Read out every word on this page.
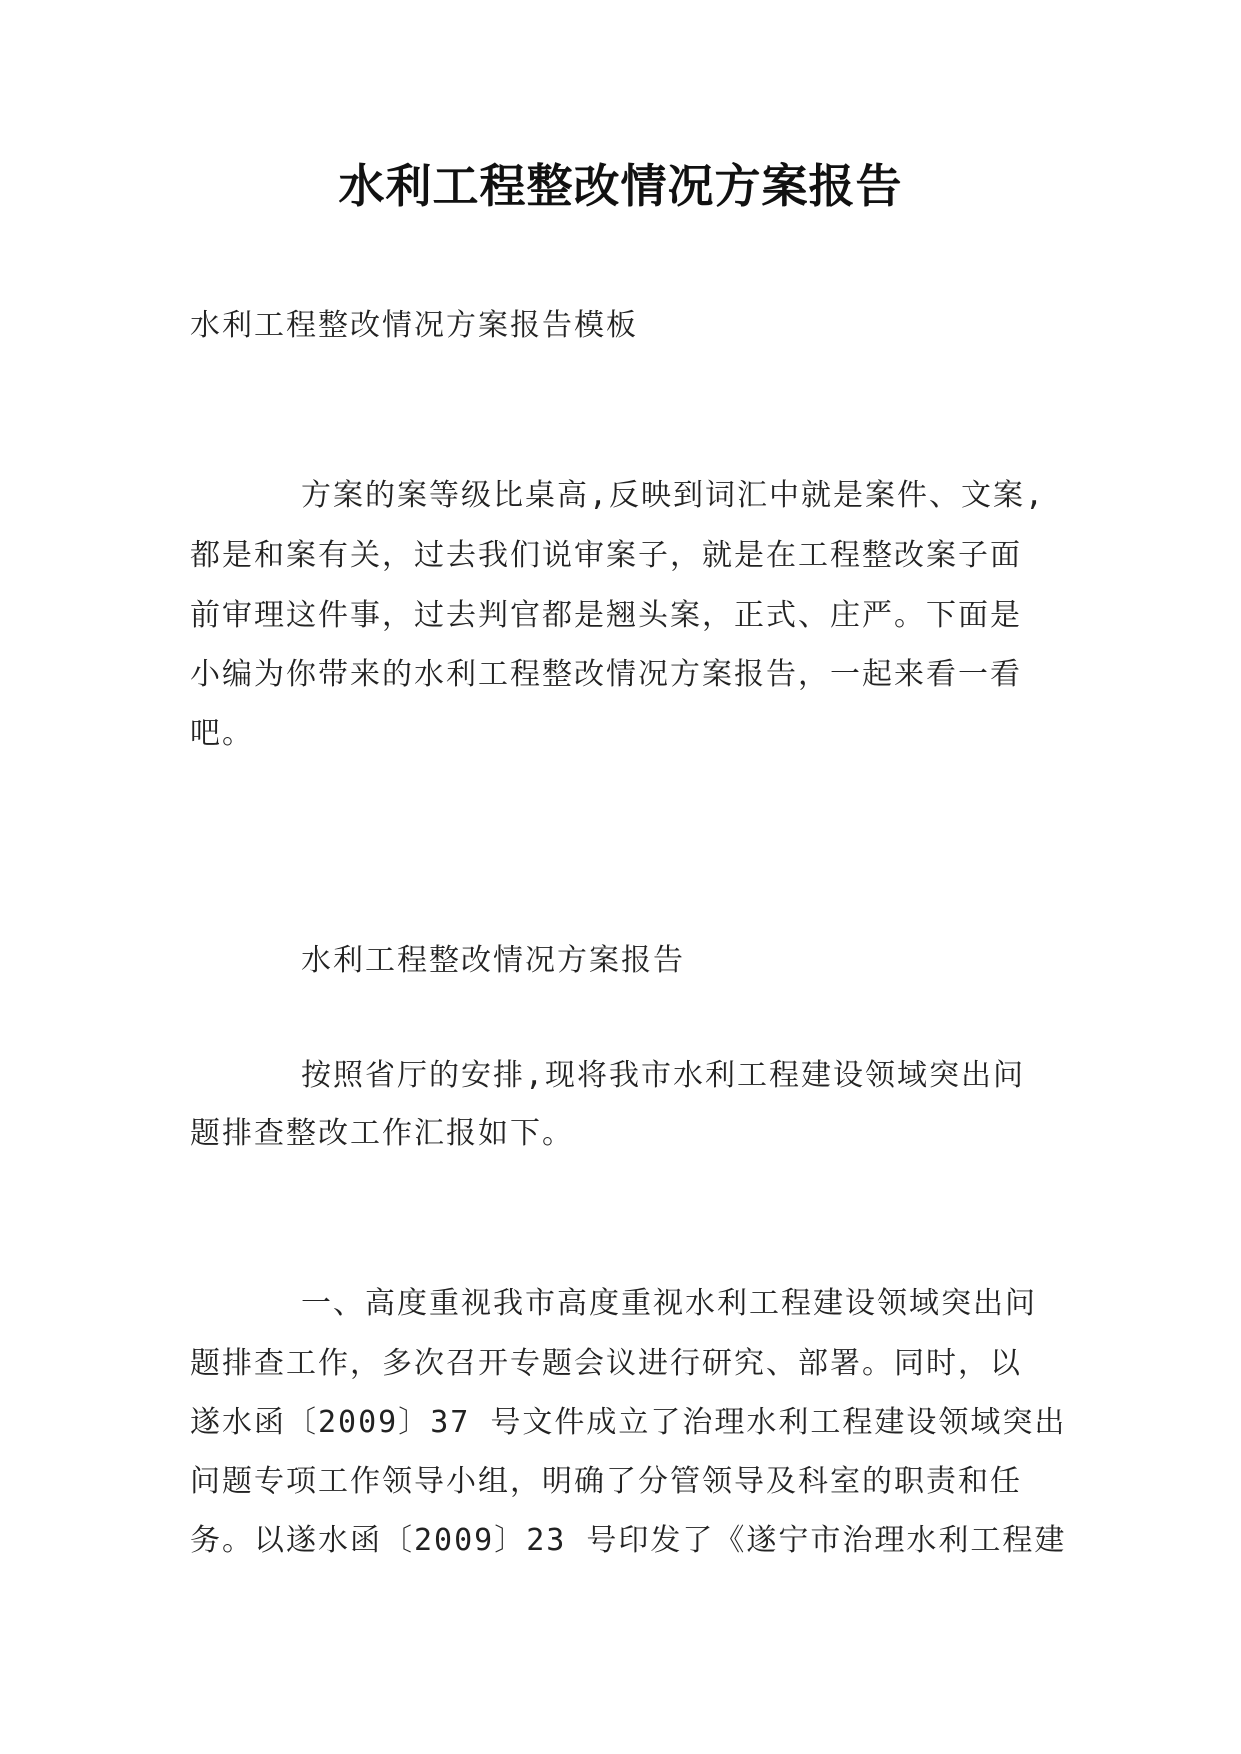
水利工程整改情况方案报告
水利工程整改情况方案报告模板
方案的案等级比桌高,反映到词汇中就是案件、文案,
都是和案有关，过去我们说审案子，就是在工程整改案子面
前审理这件事，过去判官都是翘头案，正式、庄严。下面是
小编为你带来的水利工程整改情况方案报告，一起来看一看
吧。
水利工程整改情况方案报告
按照省厅的安排,现将我市水利工程建设领域突出问
题排查整改工作汇报如下。
一、高度重视我市高度重视水利工程建设领域突出问
题排查工作，多次召开专题会议进行研究、部署。同时，以
遂水函〔2009〕37 号文件成立了治理水利工程建设领域突出
问题专项工作领导小组，明确了分管领导及科室的职责和任
务。以遂水函〔2009〕23 号印发了《遂宁市治理水利工程建
